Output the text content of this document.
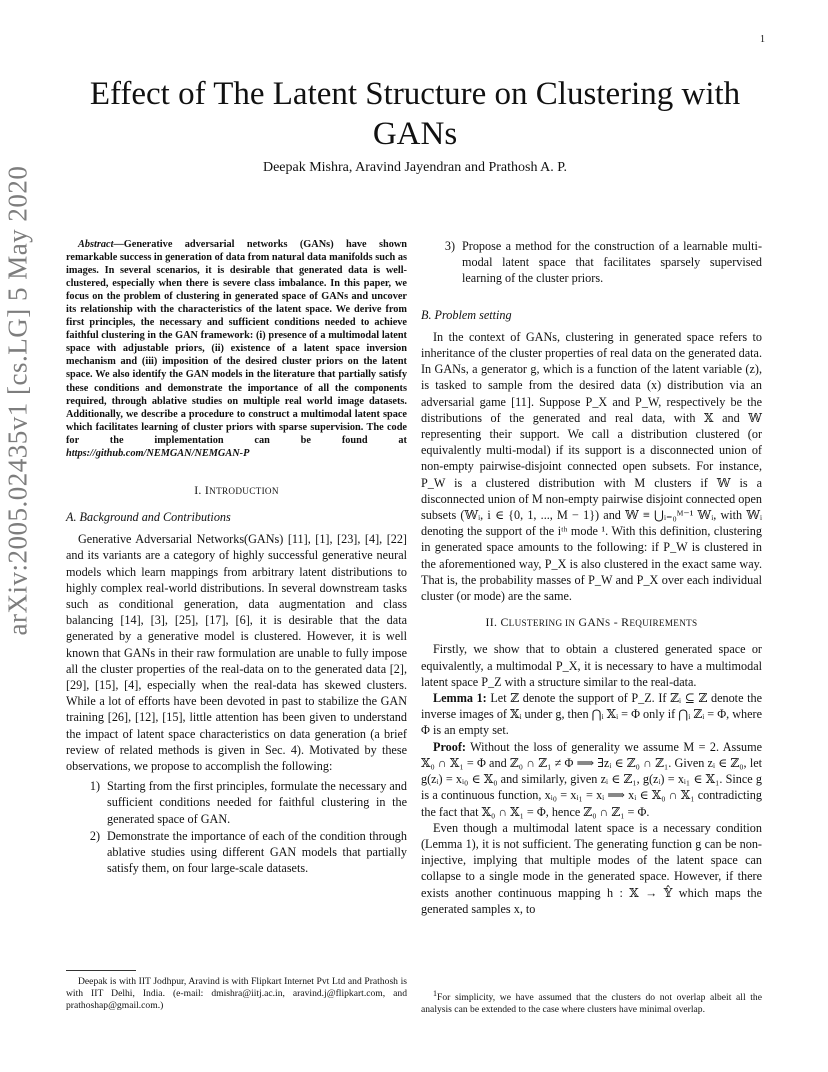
1
arXiv:2005.02435v1 [cs.LG] 5 May 2020
Effect of The Latent Structure on Clustering with GANs
Deepak Mishra, Aravind Jayendran and Prathosh A. P.
Abstract—Generative adversarial networks (GANs) have shown remarkable success in generation of data from natural data manifolds such as images. In several scenarios, it is desirable that generated data is well-clustered, especially when there is severe class imbalance. In this paper, we focus on the problem of clustering in generated space of GANs and uncover its relationship with the characteristics of the latent space. We derive from first principles, the necessary and sufficient conditions needed to achieve faithful clustering in the GAN framework: (i) presence of a multimodal latent space with adjustable priors, (ii) existence of a latent space inversion mechanism and (iii) imposition of the desired cluster priors on the latent space. We also identify the GAN models in the literature that partially satisfy these conditions and demonstrate the importance of all the components required, through ablative studies on multiple real world image datasets. Additionally, we describe a procedure to construct a multimodal latent space which facilitates learning of cluster priors with sparse supervision. The code for the implementation can be found at https://github.com/NEMGAN/NEMGAN-P
I. INTRODUCTION
A. Background and Contributions

Generative Adversarial Networks(GANs) [11], [1], [23], [4], [22] and its variants are a category of highly successful generative neural models which learn mappings from arbitrary latent distributions to highly complex real-world distributions. In several downstream tasks such as conditional generation, data augmentation and class balancing [14], [3], [25], [17], [6], it is desirable that the data generated by a generative model is clustered. However, it is well known that GANs in their raw formulation are unable to fully impose all the cluster properties of the real-data on to the generated data [2], [29], [15], [4], especially when the real-data has skewed clusters. While a lot of efforts have been devoted in past to stabilize the GAN training [26], [12], [15], little attention has been given to understand the impact of latent space characteristics on data generation (a brief review of related methods is given in Sec. 4). Motivated by these observations, we propose to accomplish the following:

1) Starting from the first principles, formulate the necessary and sufficient conditions needed for faithful clustering in the generated space of GAN.
2) Demonstrate the importance of each of the condition through ablative studies using different GAN models that partially satisfy them, on four large-scale datasets.
Deepak is with IIT Jodhpur, Aravind is with Flipkart Internet Pvt Ltd and Prathosh is with IIT Delhi, India. (e-mail: dmishra@iitj.ac.in, aravind.j@flipkart.com, and prathoshap@gmail.com.)
3) Propose a method for the construction of a learnable multi-modal latent space that facilitates sparsely supervised learning of the cluster priors.
B. Problem setting

In the context of GANs, clustering in generated space refers to inheritance of the cluster properties of real data on the generated data. In GANs, a generator g, which is a function of the latent variable (z), is tasked to sample from the desired data (x) distribution via an adversarial game [11]. Suppose P_X and P_W, respectively be the distributions of the generated and real data, with 𝕏 and 𝕎 representing their support. We call a distribution clustered (or equivalently multi-modal) if its support is a disconnected union of non-empty pairwise-disjoint connected open subsets. For instance, P_W is a clustered distribution with M clusters if 𝕎 is a disconnected union of M non-empty pairwise disjoint connected open subsets (𝕎ᵢ, i ∈ {0, 1, ..., M − 1}) and 𝕎 ≡ ⋃ᵢ₌₀ᴹ⁻¹ 𝕎ᵢ, with 𝕎ᵢ denoting the support of the iᵗʰ mode ¹. With this definition, clustering in generated space amounts to the following: if P_W is clustered in the aforementioned way, P_X is also clustered in the exact same way. That is, the probability masses of P_W and P_X over each individual cluster (or mode) are the same.

II. CLUSTERING IN GANS - REQUIREMENTS

Firstly, we show that to obtain a clustered generated space or equivalently, a multimodal P_X, it is necessary to have a multimodal latent space P_Z with a structure similar to the real-data.

Lemma 1: Let ℤ denote the support of P_Z. If ℤᵢ ⊆ ℤ denote the inverse images of 𝕏ᵢ under g, then ⋂ᵢ 𝕏ᵢ = Φ only if ⋂ᵢ ℤᵢ = Φ, where Φ is an empty set.

Proof: Without the loss of generality we assume M = 2. Assume 𝕏₀ ∩ 𝕏₁ = Φ and ℤ₀ ∩ ℤ₁ ≠ Φ ⟹ ∃zᵢ ∈ ℤ₀ ∩ ℤ₁. Given zᵢ ∈ ℤ₀, let g(zᵢ) = xᵢ₀ ∈ 𝕏₀ and similarly, given zᵢ ∈ ℤ₁, g(zᵢ) = xᵢ₁ ∈ 𝕏₁. Since g is a continuous function, xᵢ₀ = xᵢ₁ = xᵢ ⟹ xᵢ ∈ 𝕏₀ ∩ 𝕏₁ contradicting the fact that 𝕏₀ ∩ 𝕏₁ = Φ, hence ℤ₀ ∩ ℤ₁ = Φ.

Even though a multimodal latent space is a necessary condition (Lemma 1), it is not sufficient. The generating function g can be non-injective, implying that multiple modes of the latent space can collapse to a single mode in the generated space. However, if there exists another continuous mapping h : 𝕏 → 𝕐̂ which maps the generated samples x, to

$^1$For simplicity, we have assumed that the clusters do not overlap albeit all the analysis can be extended to the case where clusters have minimal overlap.
